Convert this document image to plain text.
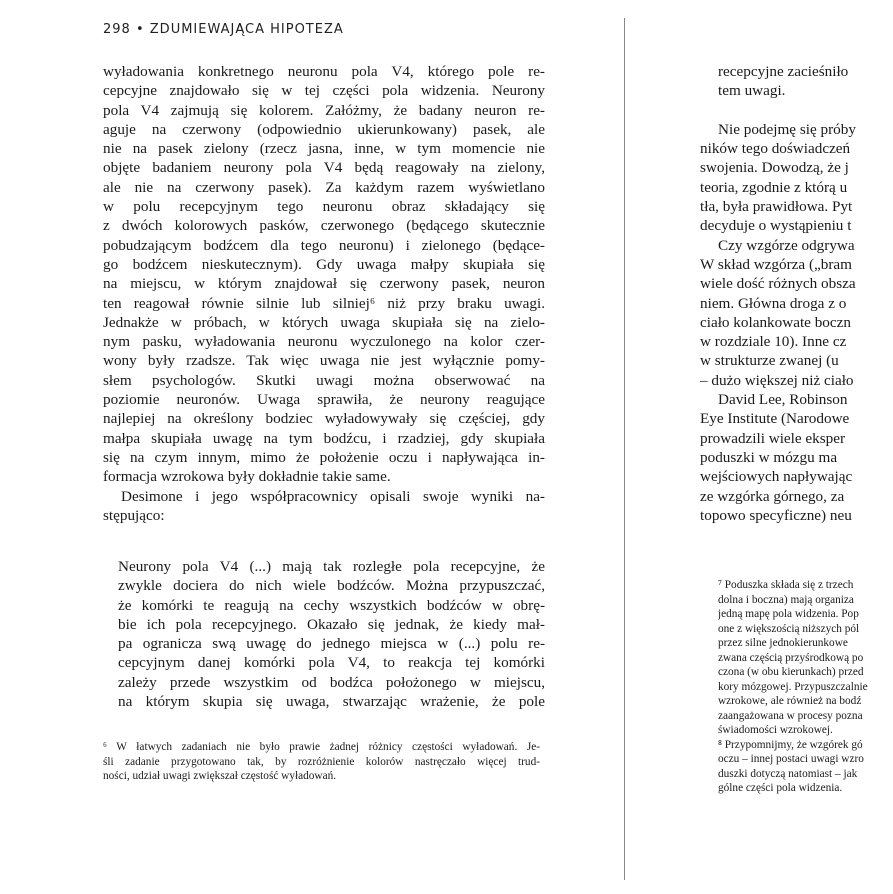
298 • ZDUMIEWAJĄCA HIPOTEZA
wyładowania konkretnego neuronu pola V4, którego pole re-
cepcyjne znajdowało się w tej części pola widzenia. Neurony
pola V4 zajmują się kolorem. Załóżmy, że badany neuron re-
aguje na czerwony (odpowiednio ukierunkowany) pasek, ale
nie na pasek zielony (rzecz jasna, inne, w tym momencie nie
objęte badaniem neurony pola V4 będą reagowały na zielony,
ale nie na czerwony pasek). Za każdym razem wyświetlano
w polu recepcyjnym tego neuronu obraz składający się
z dwóch kolorowych pasków, czerwonego (będącego skutecznie
pobudzającym bodźcem dla tego neuronu) i zielonego (będące-
go bodźcem nieskutecznym). Gdy uwaga małpy skupiała się
na miejscu, w którym znajdował się czerwony pasek, neuron
ten reagował równie silnie lub silniej⁶ niż przy braku uwagi.
Jednakże w próbach, w których uwaga skupiała się na zielo-
nym pasku, wyładowania neuronu wyczulonego na kolor czer-
wony były rzadsze. Tak więc uwaga nie jest wyłącznie pomy-
słem psychologów. Skutki uwagi można obserwować na
poziomie neuronów. Uwaga sprawiła, że neurony reagujące
najlepiej na określony bodziec wyładowywały się częściej, gdy
małpa skupiała uwagę na tym bodźcu, i rzadziej, gdy skupiała
się na czym innym, mimo że położenie oczu i napływająca in-
formacja wzrokowa były dokładnie takie same.
Desimone i jego współpracownicy opisali swoje wyniki na-
stępująco:
Neurony pola V4 (...) mają tak rozległe pola recepcyjne, że
zwykle dociera do nich wiele bodźców. Można przypuszczać,
że komórki te reagują na cechy wszystkich bodźców w obrę-
bie ich pola recepcyjnego. Okazało się jednak, że kiedy mał-
pa ogranicza swą uwagę do jednego miejsca w (...) polu re-
cepcyjnym danej komórki pola V4, to reakcja tej komórki
zależy przede wszystkim od bodźca położonego w miejscu,
na którym skupia się uwaga, stwarzając wrażenie, że pole
⁶ W łatwych zadaniach nie było prawie żadnej różnicy częstości wyładowań. Je-
śli zadanie przygotowano tak, by rozróżnienie kolorów nastręczało więcej trud-
ności, udział uwagi zwiększał częstość wyładowań.
recepcyjne zacieśniło
tem uwagi.
Nie podejmę się próby
ników tego doświadczeń
swojenia. Dowodzą, że j
teoria, zgodnie z którą u
tła, była prawidłowa. Pyt
decyduje o wystąpieniu t
Czy wzgórze odgrywa
W skład wzgórza („bram
wiele dość różnych obsza
niem. Główna droga z o
ciało kolankowate boczn
w rozdziale 10). Inne cz
w strukturze zwanej (u
– dużo większej niż ciało
David Lee, Robinson
Eye Institute (Narodowe
prowadzili wiele eksper
poduszki w mózgu ma
wejściowych napływając
ze wzgórka górnego, za
topowo specyficzne) neu
⁷ Poduszka składa się z trzech
dolna i boczna) mają organiza
jedną mapę pola widzenia. Pop
one z większością niższych pól
przez silne jednokierunkowe
zwana częścią przyśrodkową po
czona (w obu kierunkach) przed
kory mózgowej. Przypuszczalnie
wzrokowe, ale również na bodź
zaangażowana w procesy pozna
świadomości wzrokowej.
⁸ Przypomnijmy, że wzgórek gó
oczu – innej postaci uwagi wzro
duszki dotyczą natomiast – jak
gólne części pola widzenia.
